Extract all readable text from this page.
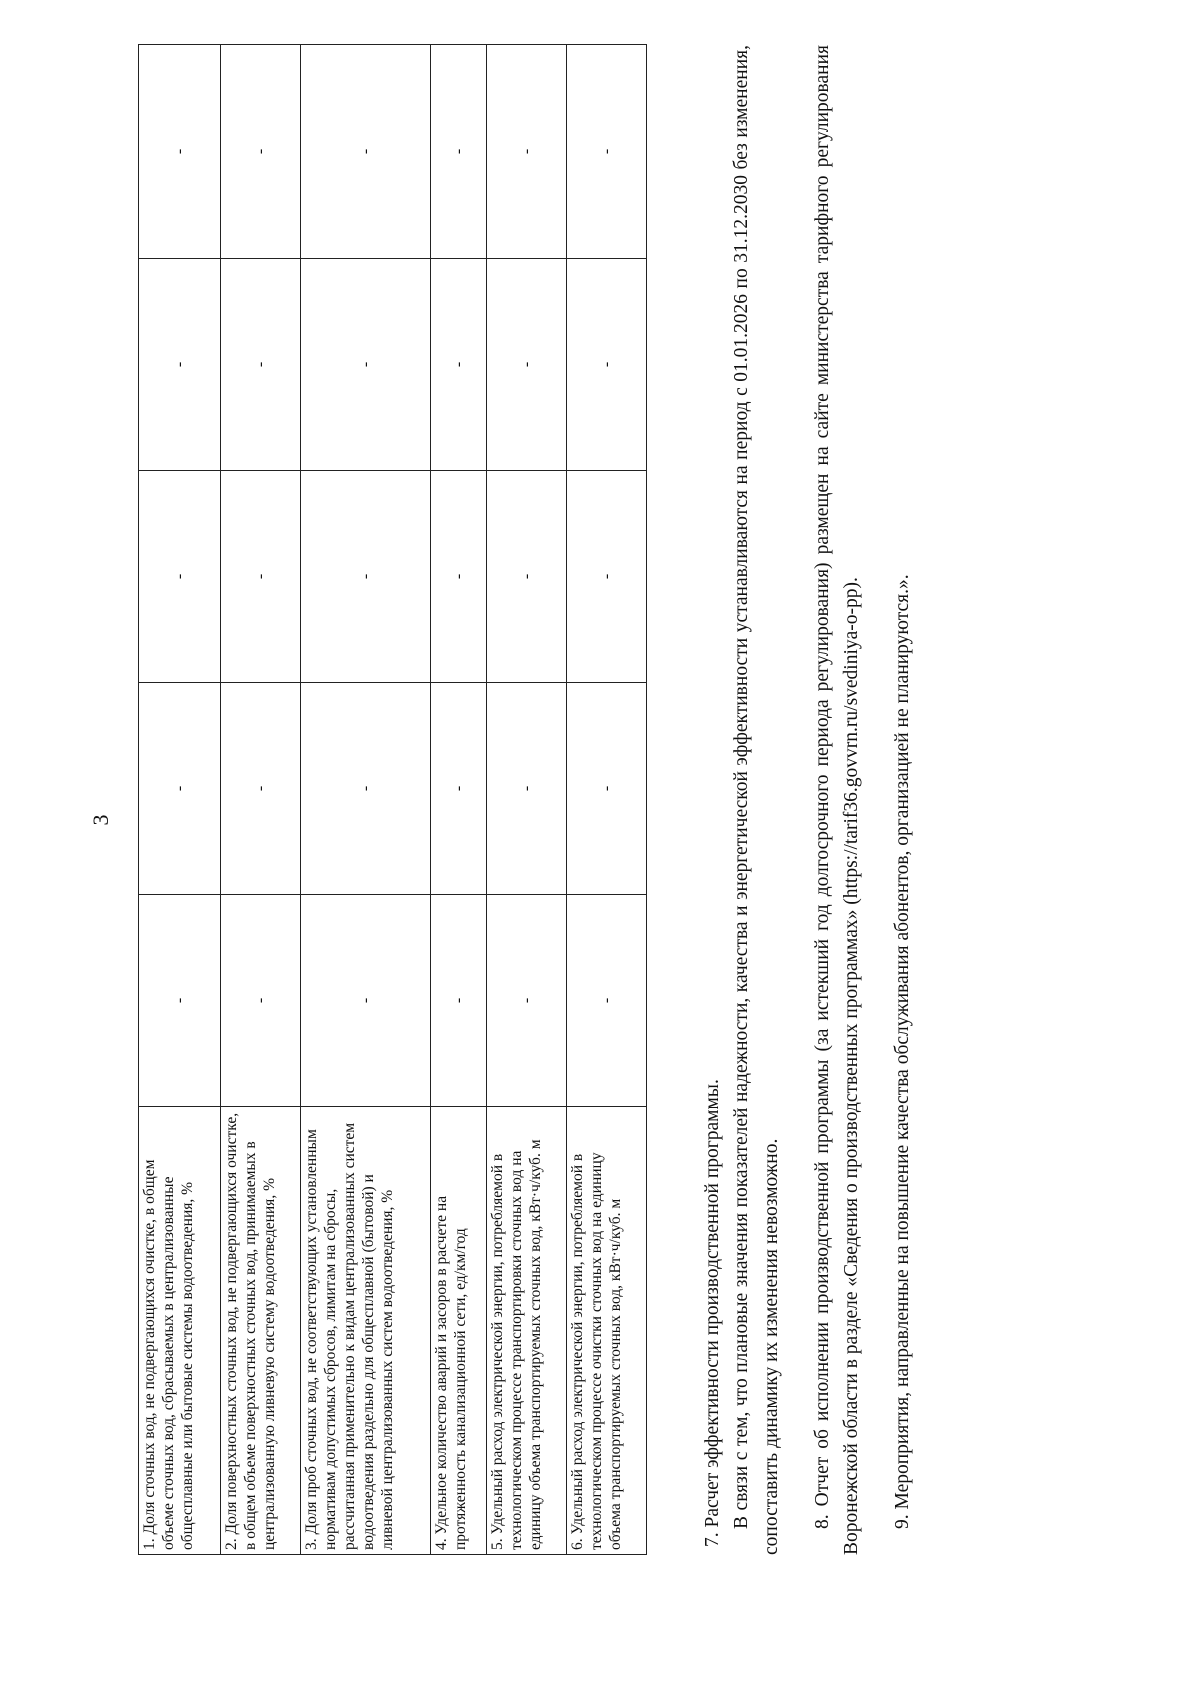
3
1. Доля сточных вод, не подвергающихся очистке, в общем объеме сточных вод, сбрасываемых в централизованные общесплавные или бытовые системы водоотведения, %	-	-	-	-	-
2. Доля поверхностных сточных вод, не подвергающихся очистке, в общем объеме поверхностных сточных вод, принимаемых в централизованную ливневую систему водоотведения, %	-	-	-	-	-
3. Доля проб сточных вод, не соответствующих установленным нормативам допустимых сбросов, лимитам на сбросы, рассчитанная применительно к видам централизованных систем водоотведения раздельно для общесплавной (бытовой) и ливневой централизованных систем водоотведения, %	-	-	-	-	-
4. Удельное количество аварий и засоров в расчете на протяженность канализационной сети, ед/км/год	-	-	-	-	-
5. Удельный расход электрической энергии, потребляемой в технологическом процессе транспортировки сточных вод на единицу объема транспортируемых сточных вод, кВт·ч/куб. м	-	-	-	-	-
6. Удельный расход электрической энергии, потребляемой в технологическом процессе очистки сточных вод на единицу объема транспортируемых сточных вод, кВт·ч/куб. м	-	-	-	-	-

7. Расчет эффективности производственной программы. В связи с тем, что плановые значения показателей надежности, качества и энергетической эффективности устанавливаются на период с 01.01.2026 по 31.12.2030 без изменения, сопоставить динамику их изменения невозможно. 8. Отчет об исполнении производственной программы (за истекший год долгосрочного периода регулирования) размещен на сайте министерства тарифного регулирования Воронежской области в разделе «Сведения о производственных программах» (https://tarif36.govvrn.ru/svediniya-o-pp). 9. Мероприятия, направленные на повышение качества обслуживания абонентов, организацией не планируются.».
